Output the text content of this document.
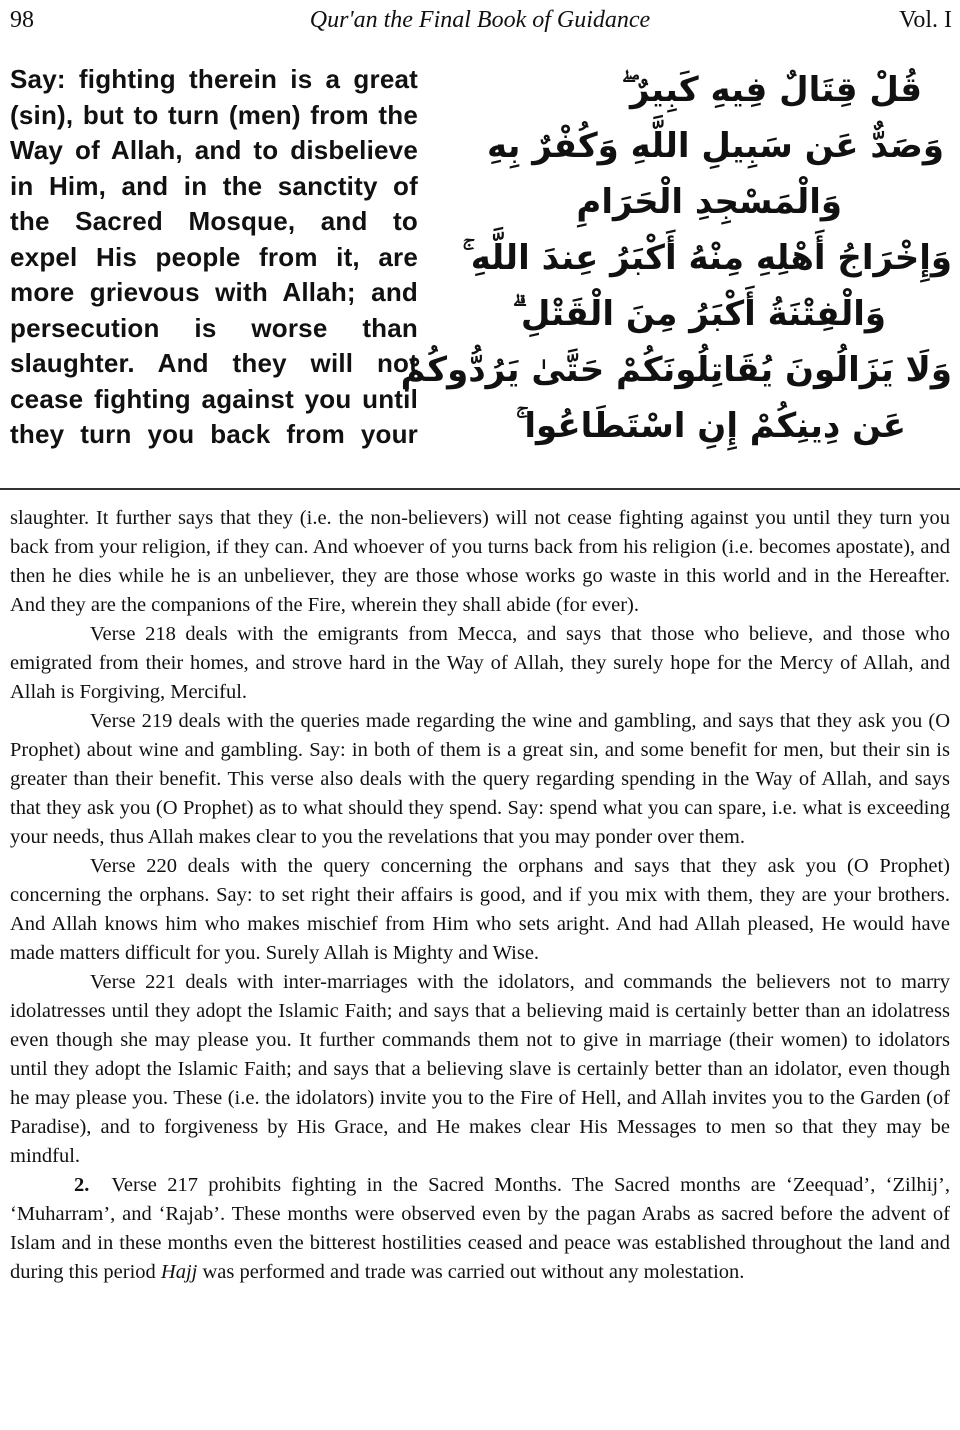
98	Qur'an the Final Book of Guidance	Vol. I
Say: fighting therein is a great
(sin), but to turn (men) from the
Way of Allah, and to disbelieve
in Him, and in the sanctity of
the Sacred Mosque, and to
expel His people from it, are
more grievous with Allah; and
persecution is worse than
slaughter. And they will not
cease fighting against you until
they turn you back from your
قُلْ قِتَالٌ فِيهِ كَبِيرٌ ۖ
وَصَدٌّ عَن سَبِيلِ اللَّهِ وَكُفْرٌ بِهِ
وَالْمَسْجِدِ الْحَرَامِ
وَإِخْرَاجُ أَهْلِهِ مِنْهُ أَكْبَرُ عِندَ اللَّهِ ۚ
وَالْفِتْنَةُ أَكْبَرُ مِنَ الْقَتْلِ ۗ
وَلَا يَزَالُونَ يُقَاتِلُونَكُمْ حَتَّىٰ يَرُدُّوكُمْ
عَن دِينِكُمْ إِنِ اسْتَطَاعُوا ۚ

slaughter. It further says that they (i.e. the non-believers) will not cease fighting against you until they turn you back from your religion, if they can. And whoever of you turns back from his religion (i.e. becomes apostate), and then he dies while he is an unbeliever, they are those whose works go waste in this world and in the Hereafter. And they are the companions of the Fire, wherein they shall abide (for ever).

Verse 218 deals with the emigrants from Mecca, and says that those who believe, and those who emigrated from their homes, and strove hard in the Way of Allah, they surely hope for the Mercy of Allah, and Allah is Forgiving, Merciful.

Verse 219 deals with the queries made regarding the wine and gambling, and says that they ask you (O Prophet) about wine and gambling. Say: in both of them is a great sin, and some benefit for men, but their sin is greater than their benefit. This verse also deals with the query regarding spending in the Way of Allah, and says that they ask you (O Prophet) as to what should they spend. Say: spend what you can spare, i.e. what is exceeding your needs, thus Allah makes clear to you the revelations that you may ponder over them.

Verse 220 deals with the query concerning the orphans and says that they ask you (O Prophet) concerning the orphans. Say: to set right their affairs is good, and if you mix with them, they are your brothers. And Allah knows him who makes mischief from Him who sets aright. And had Allah pleased, He would have made matters difficult for you. Surely Allah is Mighty and Wise.

Verse 221 deals with inter-marriages with the idolators, and commands the believers not to marry idolatresses until they adopt the Islamic Faith; and says that a believing maid is certainly better than an idolatress even though she may please you. It further commands them not to give in marriage (their women) to idolators until they adopt the Islamic Faith; and says that a believing slave is certainly better than an idolator, even though he may please you. These (i.e. the idolators) invite you to the Fire of Hell, and Allah invites you to the Garden (of Paradise), and to forgiveness by His Grace, and He makes clear His Messages to men so that they may be mindful.

2. Verse 217 prohibits fighting in the Sacred Months. The Sacred months are ‘Zeequad’, ‘Zilhij’, ‘Muharram’, and ‘Rajab’. These months were observed even by the pagan Arabs as sacred before the advent of Islam and in these months even the bitterest hostilities ceased and peace was established throughout the land and during this period Hajj was performed and trade was carried out without any molestation.
